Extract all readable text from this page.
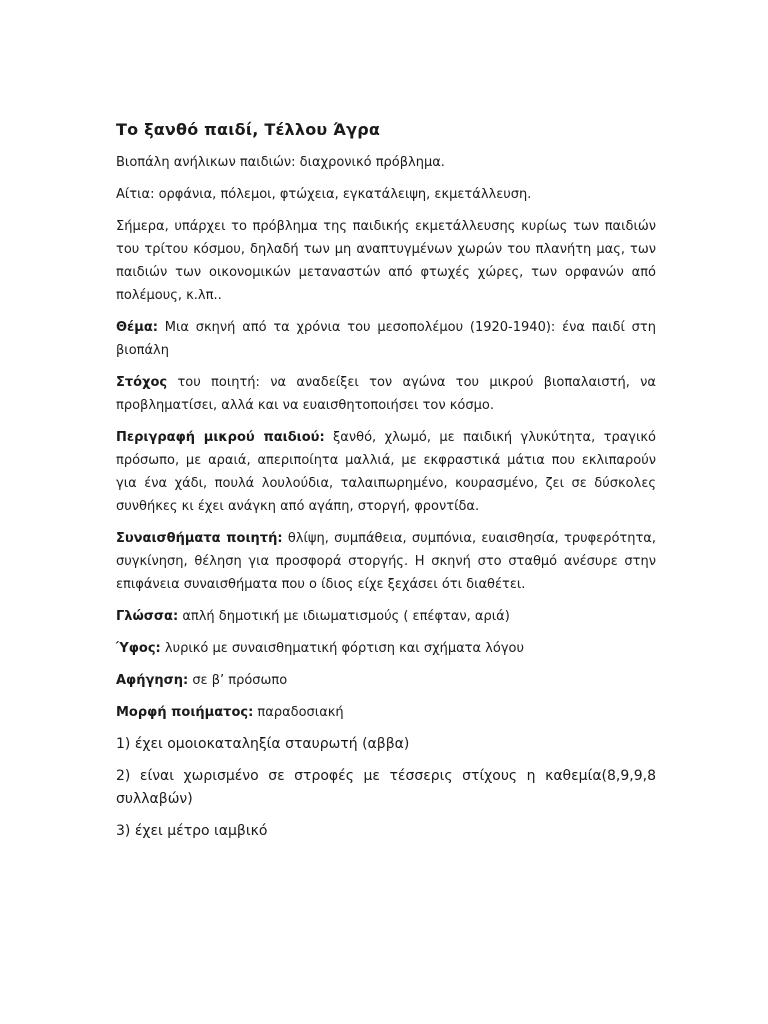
Το ξανθό παιδί, Τέλλου Άγρα

Βιοπάλη ανήλικων παιδιών: διαχρονικό πρόβλημα.

Αίτια: ορφάνια, πόλεμοι, φτώχεια, εγκατάλειψη, εκμετάλλευση.

Σήμερα, υπάρχει το πρόβλημα της παιδικής εκμετάλλευσης κυρίως των παιδιών του τρίτου κόσμου, δηλαδή των μη αναπτυγμένων χωρών του πλανήτη μας, των παιδιών των οικονομικών μεταναστών από φτωχές χώρες, των ορφανών από πολέμους, κ.λπ..

Θέμα: Μια σκηνή από τα χρόνια του μεσοπολέμου (1920-1940): ένα παιδί στη βιοπάλη

Στόχος του ποιητή: να αναδείξει τον αγώνα του μικρού βιοπαλαιστή, να προβληματίσει, αλλά και να ευαισθητοποιήσει τον κόσμο.

Περιγραφή μικρού παιδιού: ξανθό, χλωμό, με παιδική γλυκύτητα, τραγικό πρόσωπο, με αραιά, απεριποίητα μαλλιά, με εκφραστικά μάτια που εκλιπαρούν για ένα χάδι, πουλά λουλούδια, ταλαιπωρημένο, κουρασμένο, ζει σε δύσκολες συνθήκες κι έχει ανάγκη από αγάπη, στοργή, φροντίδα.

Συναισθήματα ποιητή: θλίψη, συμπάθεια, συμπόνια, ευαισθησία, τρυφερότητα, συγκίνηση, θέληση για προσφορά στοργής. Η σκηνή στο σταθμό ανέσυρε στην επιφάνεια συναισθήματα που ο ίδιος είχε ξεχάσει ότι διαθέτει.

Γλώσσα: απλή δημοτική με ιδιωματισμούς ( επέφταν, αριά)

Ύφος: λυρικό με συναισθηματική φόρτιση και σχήματα λόγου

Αφήγηση: σε β’ πρόσωπο

Μορφή ποιήματος: παραδοσιακή

1) έχει ομοιοκαταληξία σταυρωτή (αββα)

2) είναι χωρισμένο σε στροφές με τέσσερις στίχους η καθεμία(8,9,9,8 συλλαβών)

3) έχει μέτρο ιαμβικό
